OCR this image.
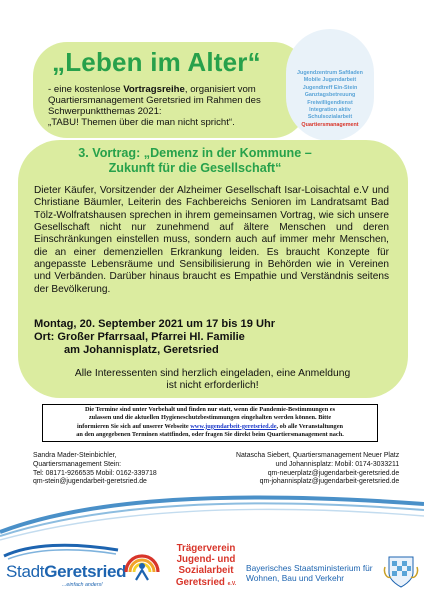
„Leben im Alter“
- eine kostenlose Vortragsreihe, organisiert vom Quartiersmanagement Geretsried im Rahmen des Schwerpunktthemas 2021:
„TABU! Themen über die man nicht spricht“.
Jugendzentrum Saftladen
Mobile Jugendarbeit
Jugendtreff Ein-Stein
Ganztagsbetreuung
Freiwilligendienst
Integration aktiv
Schulsozialarbeit
Quartiersmanagement
3. Vortrag: „Demenz in der Kommune –
Zukunft für die Gesellschaft“
Dieter Käufer, Vorsitzender der Alzheimer Gesellschaft Isar-Loisachtal e.V und Christiane Bäumler, Leiterin des Fachbereichs Senioren im Landratsamt Bad Tölz-Wolfratshausen sprechen in ihrem gemeinsamen Vortrag, wie sich unsere Gesellschaft nicht nur zunehmend auf ältere Menschen und deren Einschränkungen einstellen muss, sondern auch auf immer mehr Menschen, die an einer demenziellen Erkrankung leiden. Es braucht Konzepte für angepasste Lebensräume und Sensibilisierung in Behörden wie in Vereinen und Verbänden. Darüber hinaus braucht es Empathie und Verständnis seitens der Bevölkerung.
Montag, 20. September 2021 um 17 bis 19 Uhr
Ort: Großer Pfarrsaal, Pfarrei Hl. Familie
am Johannisplatz, Geretsried
Alle Interessenten sind herzlich eingeladen, eine Anmeldung
ist nicht erforderlich!
Die Termine sind unter Vorbehalt und finden nur statt, wenn die Pandemie-Bestimmungen es
zulassen und die aktuellen Hygieneschutzbestimmungen eingehalten werden können. Bitte
informieren Sie sich auf unserer Webseite www.jugendarbeit-geretsried.de, ob alle Veranstaltungen
an den angegebenen Terminen stattfinden, oder fragen Sie direkt beim Quartiersmanagement nach.
Sandra Mader-Steinbichler,
Quartiersmanagement Stein:
Tel: 08171-9266535 Mobil: 0162-339718
qm-stein@jugendarbeit-geretsried.de
Natascha Siebert, Quartiersmanagement Neuer Platz
und Johannisplatz: Mobil: 0174-3033211
qm-neuerplatz@jugendarbeit-geretsried.de
qm-johannisplatz@jugendarbeit-geretsried.de
StadtGeretsried
...einfach anders!
Trägerverein
Jugend- und Sozialarbeit
Geretsried e.V.
Bayerisches Staatsministerium für
Wohnen, Bau und Verkehr
